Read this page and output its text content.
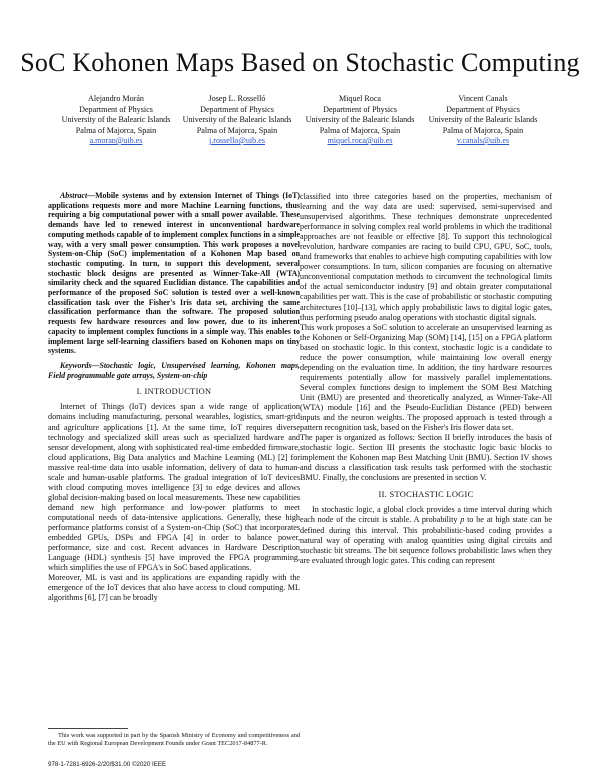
SoC Kohonen Maps Based on Stochastic Computing
Alejandro Morán
Department of Physics
University of the Balearic Islands
Palma of Majorca, Spain
a.moran@uib.es
Josep L. Rosselló
Department of Physics
University of the Balearic Islands
Palma of Majorca, Spain
j.rossello@uib.es
Miquel Roca
Department of Physics
University of the Balearic Islands
Palma of Majorca, Spain
miquel.roca@uib.es
Vincent Canals
Department of Physics
University of the Balearic Islands
Palma of Majorca, Spain
v.canals@uib.es

Abstract—Mobile systems and by extension Internet of Things (IoT) applications requests more and more Machine Learning functions, thus requiring a big computational power with a small power available. These demands have led to renewed interest in unconventional hardware computing methods capable of to implement complex functions in a simple way, with a very small power consumption. This work proposes a novel System-on-Chip (SoC) implementation of a Kohonen Map based on stochastic computing. In turn, to support this development, several stochastic block designs are presented as Winner-Take-All (WTA) similarity check and the squared Euclidian distance. The capabilities and performance of the proposed SoC solution is tested over a well-known classification task over the Fisher's Iris data set, archiving the same classification performance than the software. The proposed solution requests few hardware resources and low power, due to its inherent capacity to implement complex functions in a simple way. This enables to implement large self-learning classifiers based on Kohonen maps on tiny systems.

Keywords—Stochastic logic, Unsupervised learning, Kohonen maps, Field programmable gate arrays, System-on-chip

I. INTRODUCTION

Internet of Things (IoT) devices span a wide range of application domains including manufacturing, personal wearables, logistics, smart-grid and agriculture applications [1]. At the same time, IoT requires diverse technology and specialized skill areas such as specialized hardware and sensor development, along with sophisticated real-time embedded firmware, cloud applications, Big Data analytics and Machine Learning (ML) [2] for massive real-time data into usable information, delivery of data to human-scale and human-usable platforms. The gradual integration of IoT devices with cloud computing moves intelligence [3] to edge devices and allows global decision-making based on local measurements. These new capabilities demand new high performance and low-power platforms to meet computational needs of data-intensive applications. Generally, these high performance platforms consist of a System-on-Chip (SoC) that incorporates embedded GPUs, DSPs and FPGA [4] in order to balance power, performance, size and cost. Recent advances in Hardware Description Language (HDL) synthesis [5] have improved the FPGA programming, which simplifies the use of FPGA's in SoC based applications.

Moreover, ML is vast and its applications are expanding rapidly with the emergence of the IoT devices that also have access to cloud computing. ML algorithms [6], [7] can be broadly

classified into three categories based on the properties, mechanism of learning and the way data are used: supervised, semi-supervised and unsupervised algorithms. These techniques demonstrate unprecedented performance in solving complex real world problems in which the traditional approaches are not feasible or effective [8]. To support this technological revolution, hardware companies are racing to build CPU, GPU, SoC, tools, and frameworks that enables to achieve high computing capabilities with low power consumptions. In turn, silicon companies are focusing on alternative unconventional computation methods to circumvent the technological limits of the actual semiconductor industry [9] and obtain greater computational capabilities per watt. This is the case of probabilistic or stochastic computing architectures [10]–[13], which apply probabilistic laws to digital logic gates, thus performing pseudo analog operations with stochastic digital signals.

This work proposes a SoC solution to accelerate an unsupervised learning as the Kohonen or Self-Organizing Map (SOM) [14], [15] on a FPGA platform based on stochastic logic. In this context, stochastic logic is a candidate to reduce the power consumption, while maintaining low overall energy depending on the evaluation time. In addition, the tiny hardware resources requirements potentially allow for massively parallel implementations. Several complex functions design to implement the SOM Best Matching Unit (BMU) are presented and theoretically analyzed, as Winner-Take-All (WTA) module [16] and the Pseudo-Euclidian Distance (PED) between inputs and the neuron weights. The proposed approach is tested through a pattern recognition task, based on the Fisher's Iris flower data set.

The paper is organized as follows: Section II briefly introduces the basis of stochastic logic. Section III presents the stochastic logic basic blocks to implement the Kohonen map Best Matching Unit (BMU). Section IV shows and discuss a classification task results task performed with the stochastic BMU. Finally, the conclusions are presented in section V.

II. STOCHASTIC LOGIC

In stochastic logic, a global clock provides a time interval during which each node of the circuit is stable. A probability p to be at high state can be defined during this interval. This probabilistic-based coding provides a natural way of operating with analog quantities using digital circuits and stochastic bit streams. The bit sequence follows probabilistic laws when they are evaluated through logic gates. This coding can represent

This work was supported in part by the Spanish Ministry of Economy and competitiveness and the EU with Regional European Development Founds under Grant TEC2017-84877-R.
978-1-7281-6926-2/20/$31.00 ©2020 IEEE
